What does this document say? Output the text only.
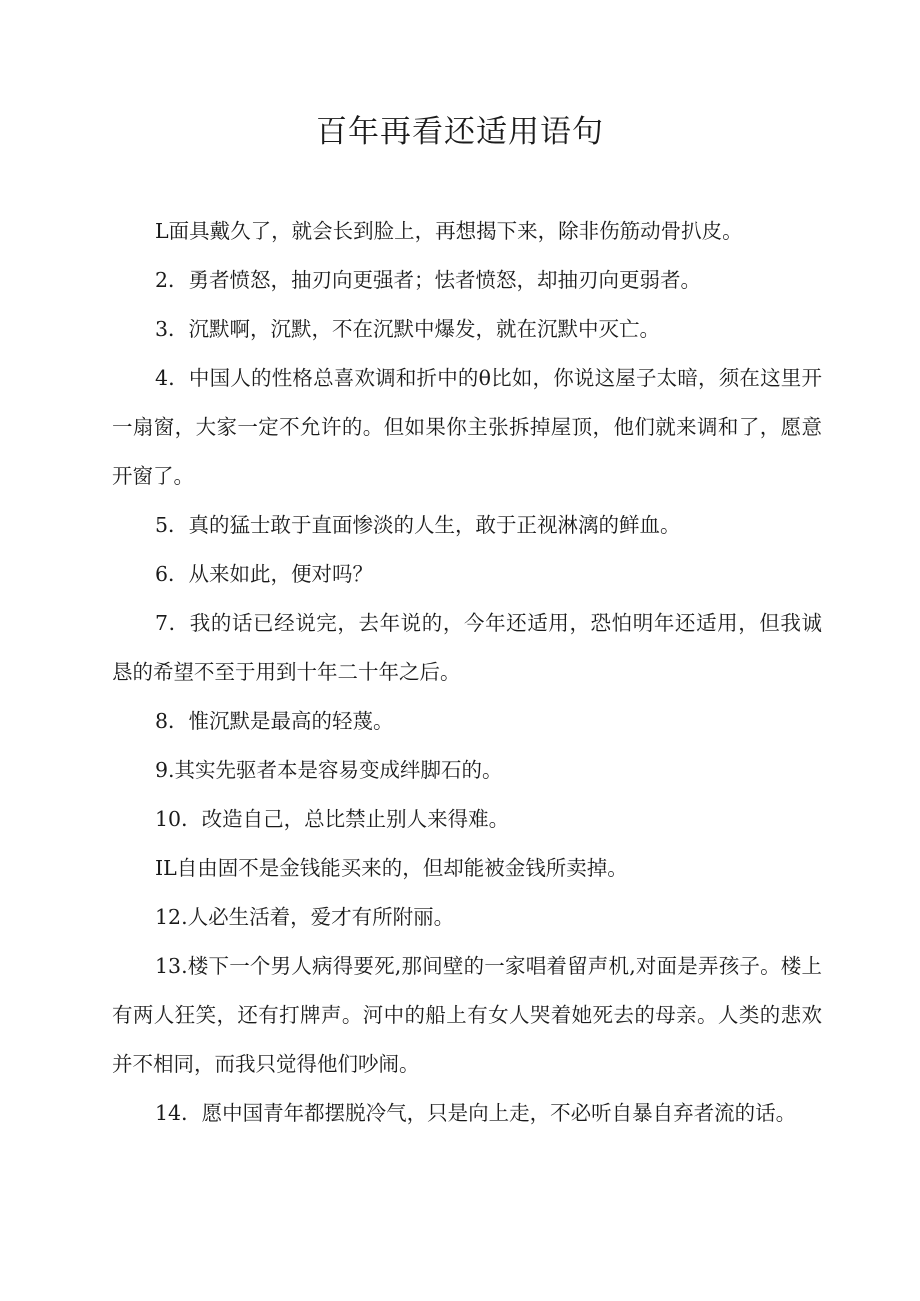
百年再看还适用语句

L面具戴久了，就会长到脸上，再想揭下来，除非伤筋动骨扒皮。

2．勇者愤怒，抽刃向更强者；怯者愤怒，却抽刃向更弱者。

3．沉默啊，沉默，不在沉默中爆发，就在沉默中灭亡。

4．中国人的性格总喜欢调和折中的θ比如，你说这屋子太暗，须在这里开一扇窗，大家一定不允许的。但如果你主张拆掉屋顶，他们就来调和了，愿意开窗了。

5．真的猛士敢于直面惨淡的人生，敢于正视淋漓的鲜血。

6．从来如此，便对吗？

7．我的话已经说完，去年说的，今年还适用，恐怕明年还适用，但我诚恳的希望不至于用到十年二十年之后。

8．惟沉默是最高的轻蔑。

9.其实先驱者本是容易变成绊脚石的。

10．改造自己，总比禁止别人来得难。

IL自由固不是金钱能买来的，但却能被金钱所卖掉。

12.人必生活着，爱才有所附丽。

13.楼下一个男人病得要死,那间壁的一家唱着留声机,对面是弄孩子。楼上有两人狂笑，还有打牌声。河中的船上有女人哭着她死去的母亲。人类的悲欢并不相同，而我只觉得他们吵闹。

14．愿中国青年都摆脱冷气，只是向上走，不必听自暴自弃者流的话。
